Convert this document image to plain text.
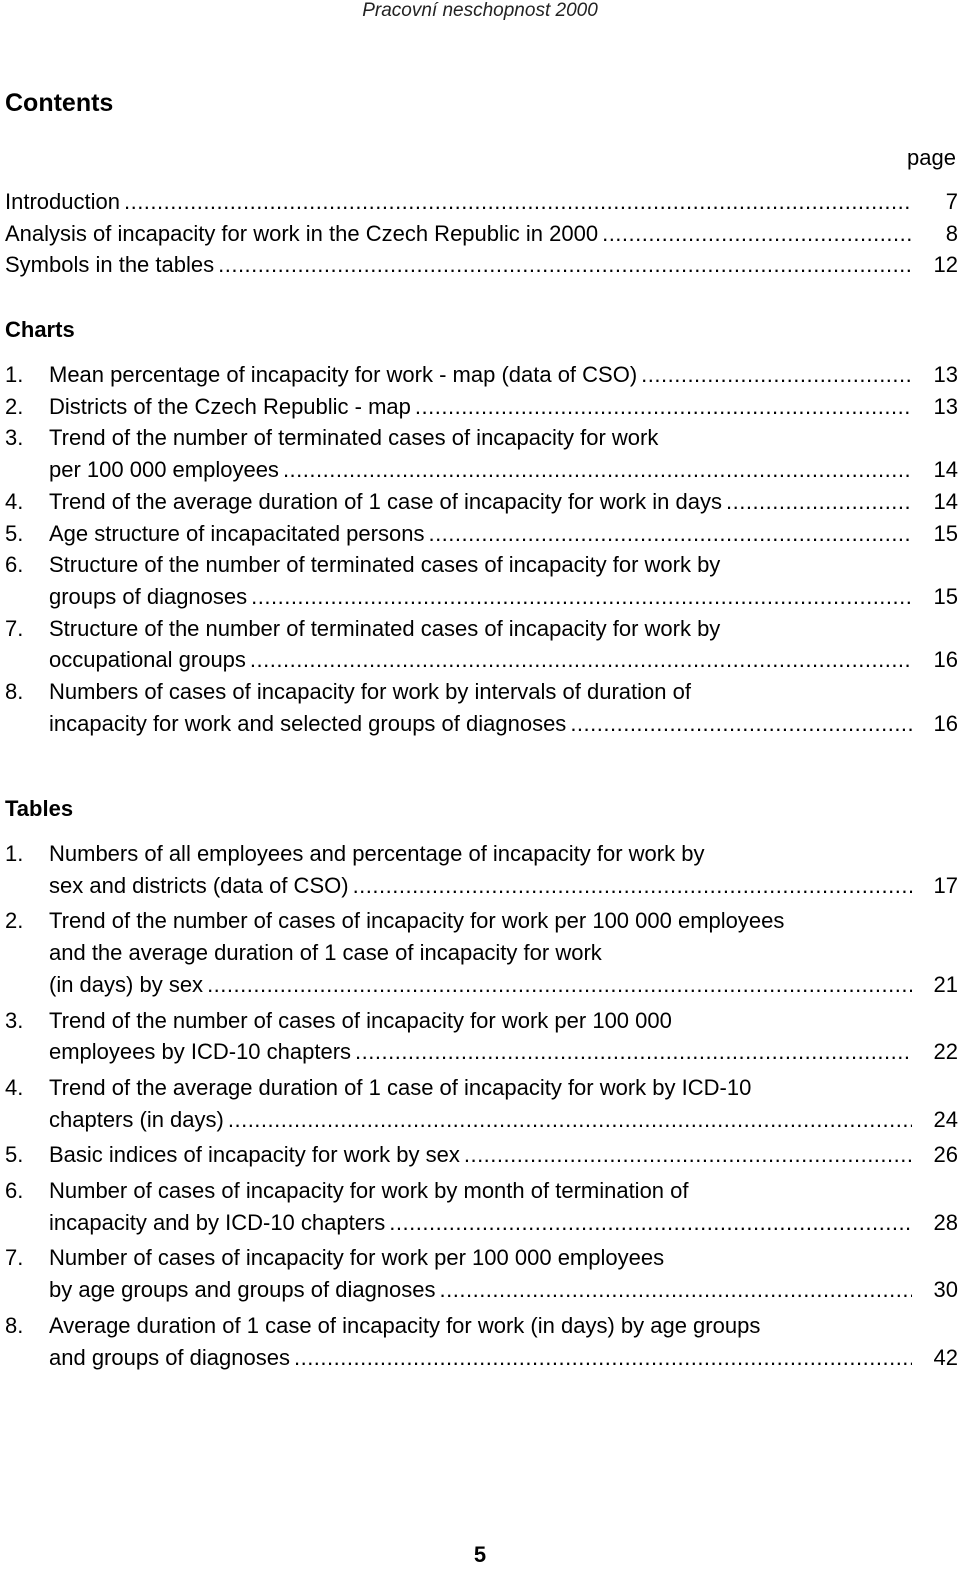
Pracovní neschopnost 2000
Contents
page
Introduction .....	7
Analysis of incapacity for work in the Czech Republic in 2000 .....	8
Symbols in the tables .....	12
Charts
1.	Mean percentage of incapacity for work - map (data of CSO) .....	13
2.	Districts of the Czech Republic - map .....	13
3.	Trend of the number of terminated cases of incapacity for work
per 100 000 employees .....	14
4.	Trend of the average duration of 1 case of incapacity for work in days .....	14
5.	Age structure of incapacitated persons .....	15
6.	Structure of the number of terminated cases of incapacity for work by
groups of diagnoses .....	15
7.	Structure of the number of terminated cases of incapacity for work by
occupational groups .....	16
8.	Numbers of cases of incapacity for work by intervals of duration of
incapacity for work and selected groups of diagnoses .....	16
Tables
1.	Numbers of all employees and percentage of incapacity for work by
sex and districts (data of CSO) .....	17
2.	Trend of the number of cases of incapacity for work per 100 000 employees
and the average duration of 1 case of incapacity for work
(in days) by sex .....	21
3.	Trend of the number of cases of incapacity for work per 100 000
employees by ICD-10 chapters .....	22
4.	Trend of the average duration of 1 case of incapacity for work by ICD-10
chapters (in days) .....	24
5.	Basic indices of incapacity for work by sex .....	26
6.	Number of cases of incapacity for work by month of termination of
incapacity and by ICD-10 chapters .....	28
7.	Number of cases of incapacity for work per 100 000 employees
by age groups and groups of diagnoses .....	30
8.	Average duration of 1 case of incapacity for work (in days) by age groups
and groups of diagnoses .....	42
5
